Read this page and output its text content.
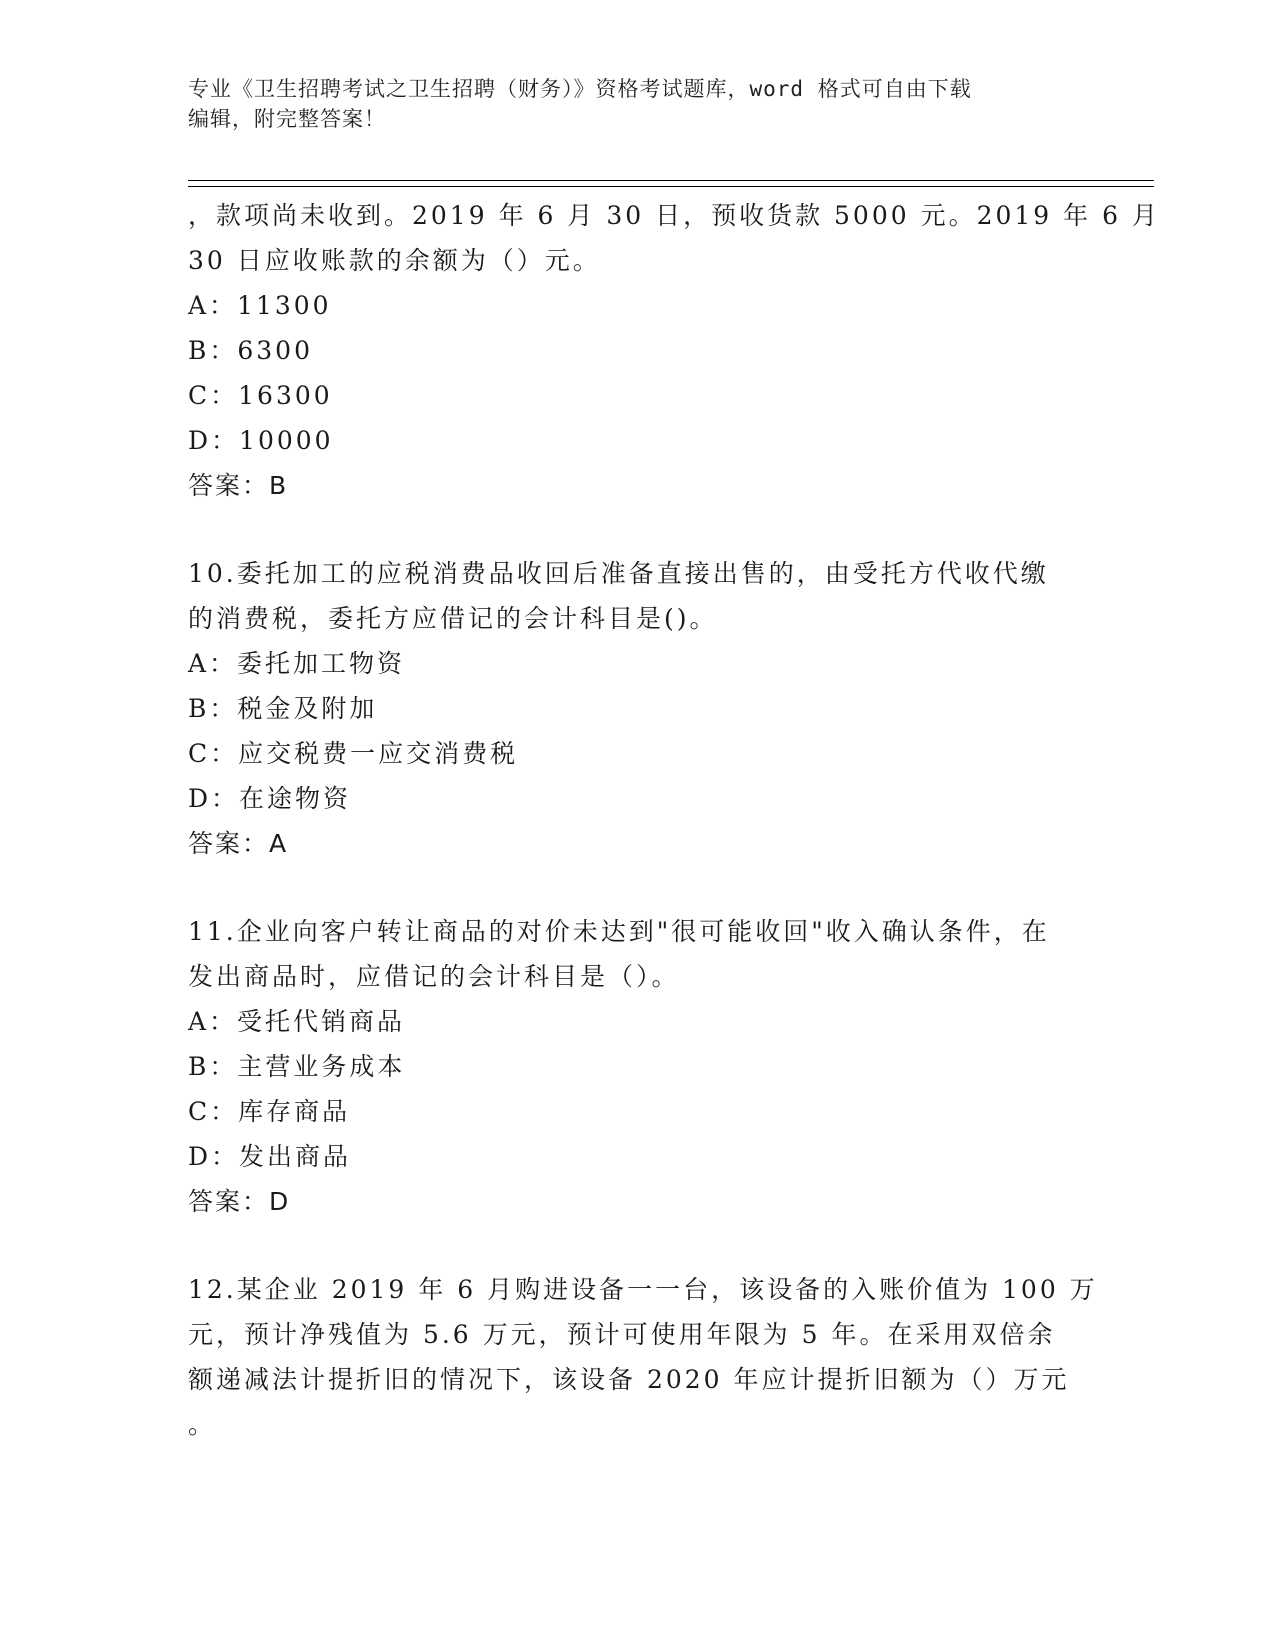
专业《卫生招聘考试之卫生招聘（财务）》资格考试题库，word 格式可自由下载
编辑，附完整答案！
，款项尚未收到。2019 年 6 月 30 日，预收货款 5000 元。2019 年 6 月
30 日应收账款的余额为（）元。
A：11300
B：6300
C：16300
D：10000
答案：B
10.委托加工的应税消费品收回后准备直接出售的，由受托方代收代缴
的消费税，委托方应借记的会计科目是()。
A：委托加工物资
B：税金及附加
C：应交税费一应交消费税
D：在途物资
答案：A
11.企业向客户转让商品的对价未达到"很可能收回"收入确认条件，在
发出商品时，应借记的会计科目是（）。
A：受托代销商品
B：主营业务成本
C：库存商品
D：发出商品
答案：D
12.某企业 2019 年 6 月购进设备一一台，该设备的入账价值为 100 万
元，预计净残值为 5.6 万元，预计可使用年限为 5 年。在采用双倍余
额递减法计提折旧的情况下，该设备 2020 年应计提折旧额为（）万元
。
